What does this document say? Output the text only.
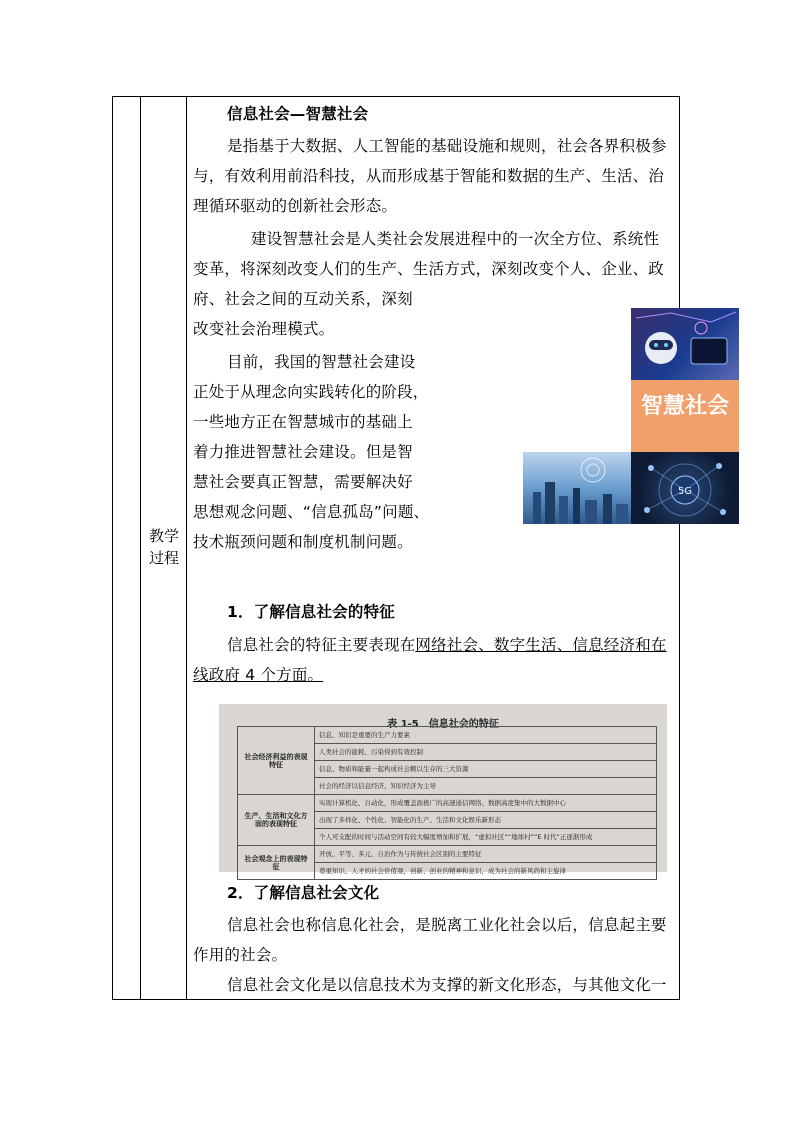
教学过程
信息社会—智慧社会
是指基于大数据、人工智能的基础设施和规则，社会各界积极参
与，有效利用前沿科技，从而形成基于智能和数据的生产、生活、治
理循环驱动的创新社会形态。
建设智慧社会是人类社会发展进程中的一次全方位、系统性
变革，将深刻改变人们的生产、生活方式，深刻改变个人、企业、政
府、社会之间的互动关系，深刻
改变社会治理模式。
目前，我国的智慧社会建设
正处于从理念向实践转化的阶段，
一些地方正在智慧城市的基础上
着力推进智慧社会建设。但是智
慧社会要真正智慧，需要解决好
思想观念问题、“信息孤岛”问题、
技术瓶颈问题和制度机制问题。
智慧社会
5G
1．了解信息社会的特征
信息社会的特征主要表现在网络社会、数字生活、信息经济和在
线政府 4 个方面。
表 1-5　信息社会的特征
社会经济利益的表现特征	信息、知识是重要的生产力要素
	人类社会的能耗、污染得到有效控制
	信息、物质和能量一起构成社会赖以生存的三大资源
	社会的经济以信息经济、知识经济为主导
生产、生活和文化方面的表现特征	实现计算机化、自动化，形成覆盖面极广的高速通信网络、数据高度集中的大数据中心
	出现了多样化、个性化、智能化的生产、生活和文化娱乐新形态
	个人可支配的时间与活动空间有较大幅度增加和扩展，“虚拟社区”“地球村”“E 时代”正逐渐形成
社会观念上的表现特征	开放、平等、多元、自治作为与传统社会区别的主要特征
	尊重知识、人才的社会价值观，创新、创业的精神和意识，成为社会的新风尚和主旋律
2．了解信息社会文化
信息社会也称信息化社会，是脱离工业化社会以后，信息起主要
作用的社会。
信息社会文化是以信息技术为支撑的新文化形态，与其他文化一
